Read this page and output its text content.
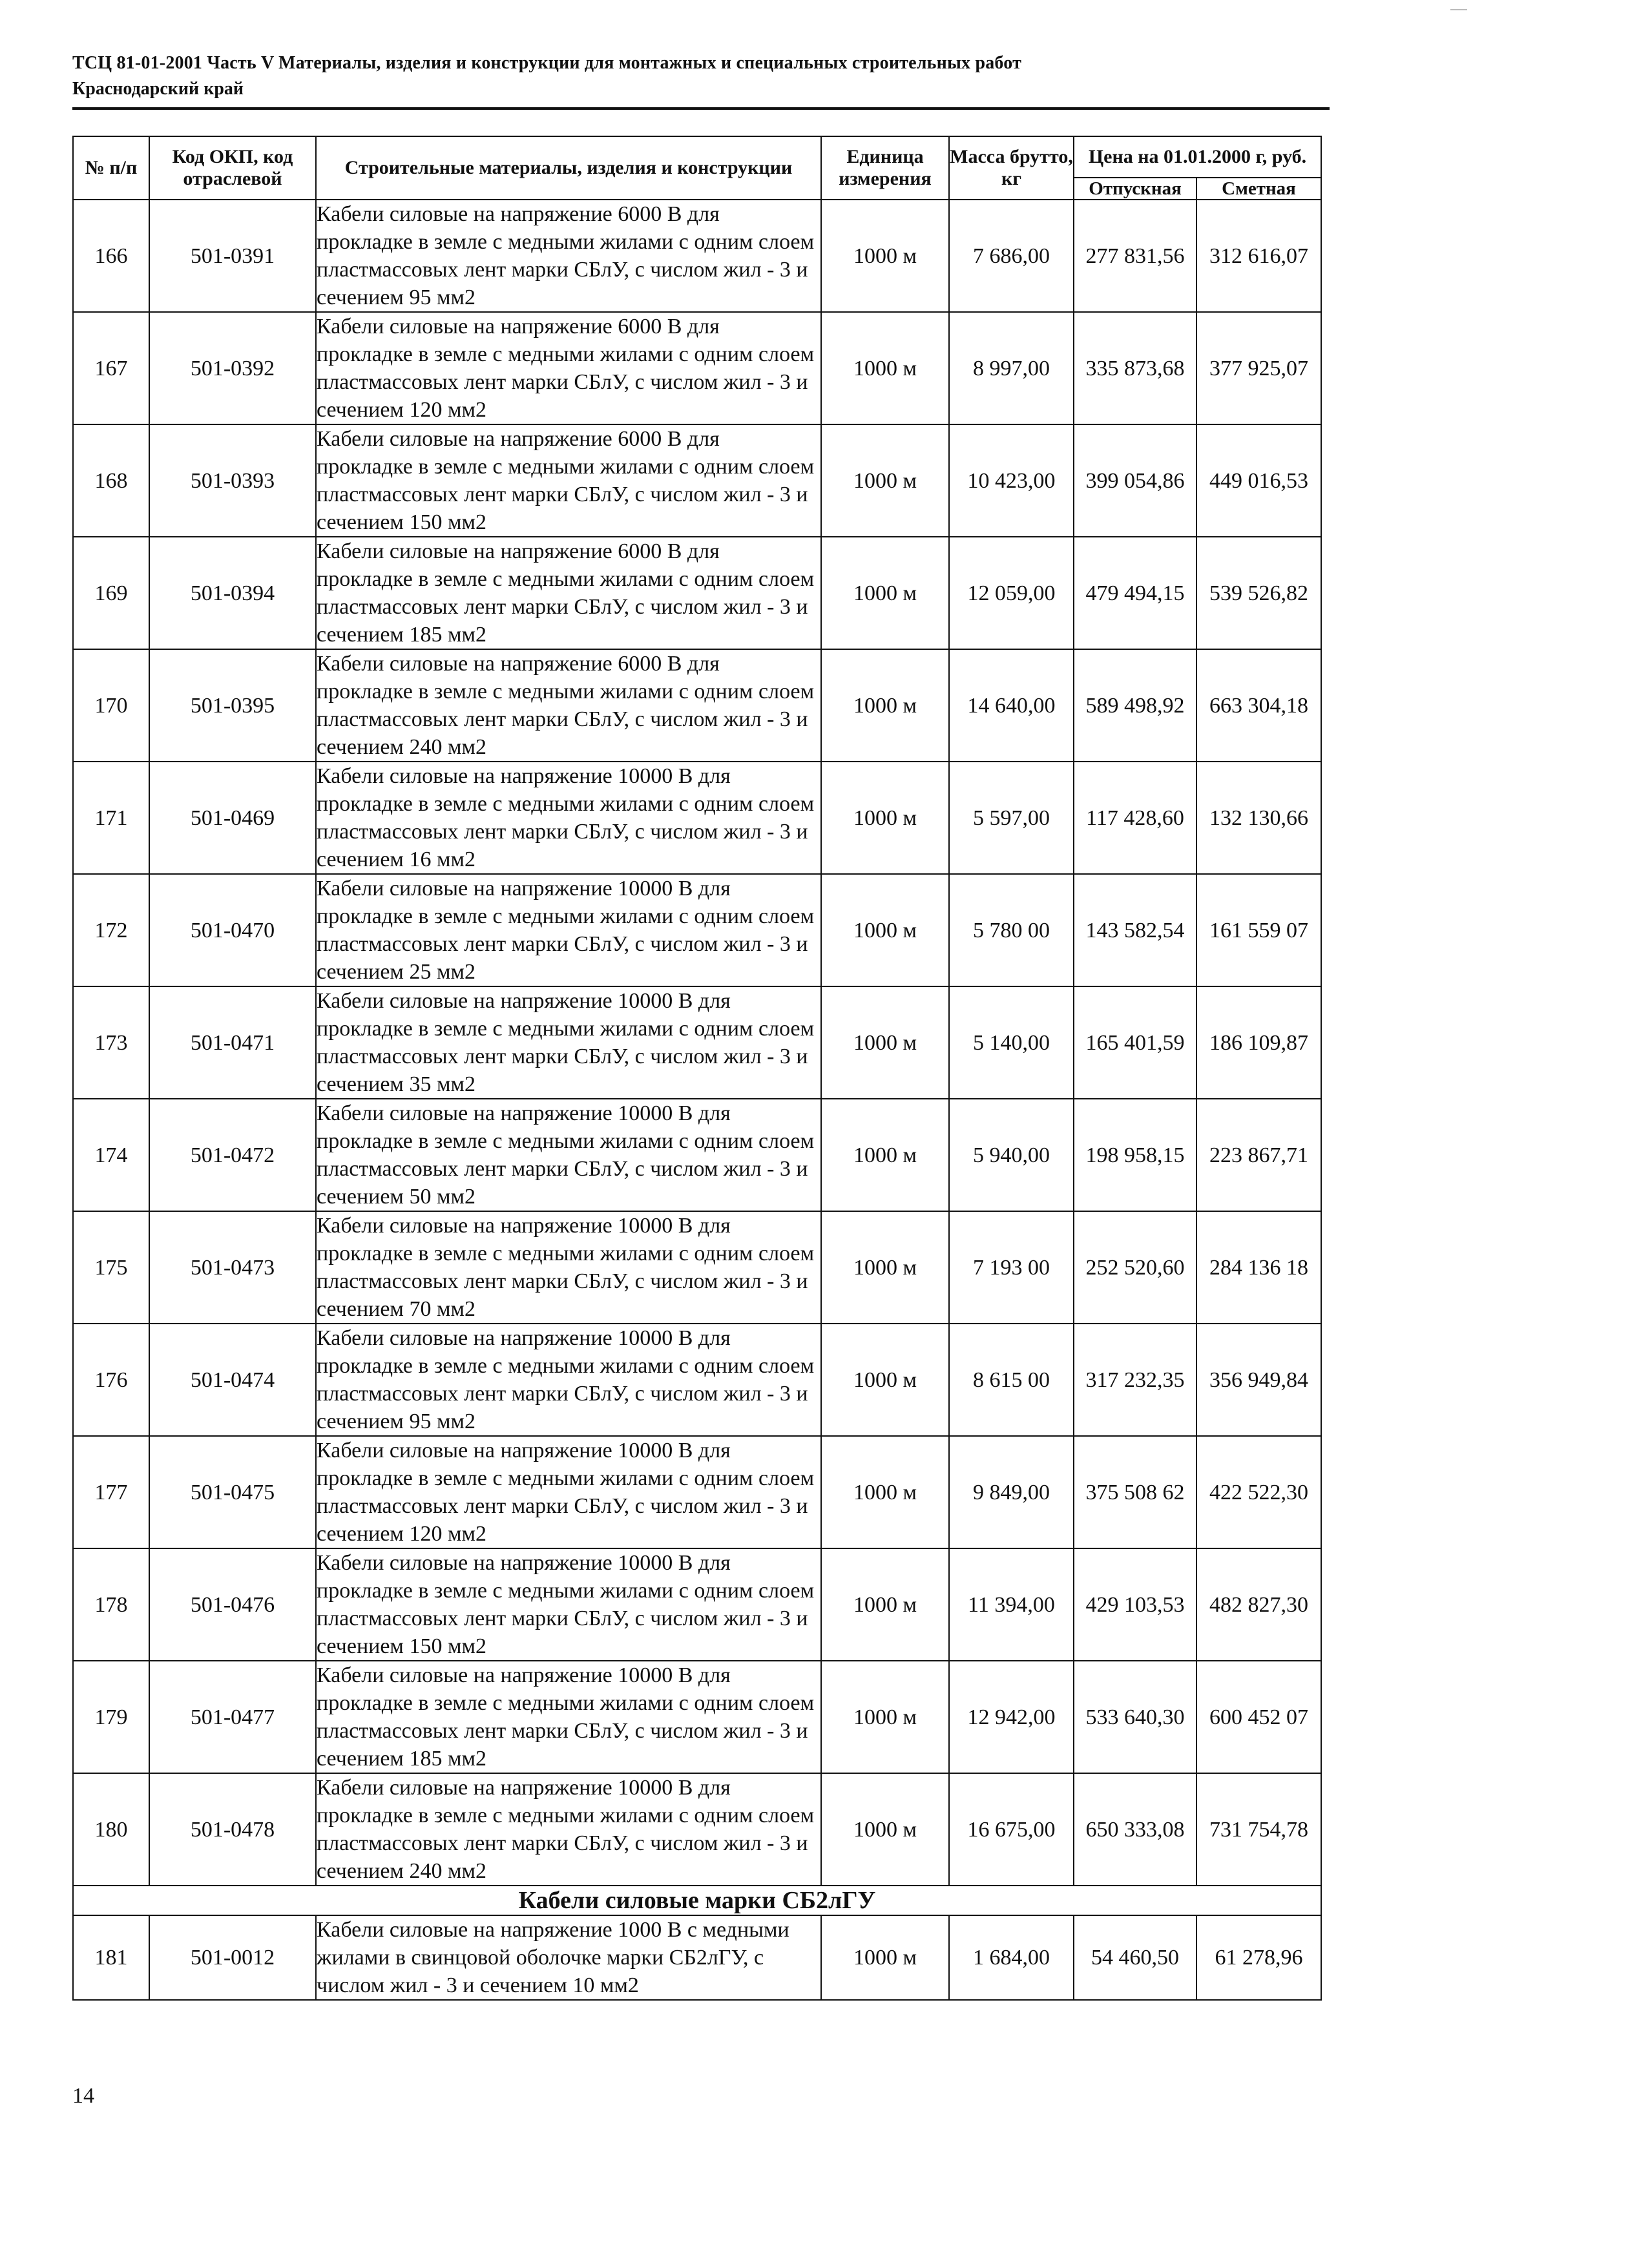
ТСЦ 81-01-2001 Часть V Материалы, изделия и конструкции для монтажных и специальных строительных работ
Краснодарский край
№ п/п	Код ОКП, код отраслевой	Строительные материалы, изделия и конструкции	Единица измерения	Масса брутто, кг	Цена на 01.01.2000 г, руб.	
					Отпускная	Сметная
166	501-0391	Кабели силовые на напряжение 6000 В для прокладке в земле с медными жилами с одним слоем пластмассовых лент марки СБлУ, с числом жил - 3 и сечением 95 мм2	1000 м	7 686,00	277 831,56	312 616,07
167	501-0392	Кабели силовые на напряжение 6000 В для прокладке в земле с медными жилами с одним слоем пластмассовых лент марки СБлУ, с числом жил - 3 и сечением 120 мм2	1000 м	8 997,00	335 873,68	377 925,07
168	501-0393	Кабели силовые на напряжение 6000 В для прокладке в земле с медными жилами с одним слоем пластмассовых лент марки СБлУ, с числом жил - 3 и сечением 150 мм2	1000 м	10 423,00	399 054,86	449 016,53
169	501-0394	Кабели силовые на напряжение 6000 В для прокладке в земле с медными жилами с одним слоем пластмассовых лент марки СБлУ, с числом жил - 3 и сечением 185 мм2	1000 м	12 059,00	479 494,15	539 526,82
170	501-0395	Кабели силовые на напряжение 6000 В для прокладке в земле с медными жилами с одним слоем пластмассовых лент марки СБлУ, с числом жил - 3 и сечением 240 мм2	1000 м	14 640,00	589 498,92	663 304,18
171	501-0469	Кабели силовые на напряжение 10000 В для прокладке в земле с медными жилами с одним слоем пластмассовых лент марки СБлУ, с числом жил - 3 и сечением 16 мм2	1000 м	5 597,00	117 428,60	132 130,66
172	501-0470	Кабели силовые на напряжение 10000 В для прокладке в земле с медными жилами с одним слоем пластмассовых лент марки СБлУ, с числом жил - 3 и сечением 25 мм2	1000 м	5 780 00	143 582,54	161 559 07
173	501-0471	Кабели силовые на напряжение 10000 В для прокладке в земле с медными жилами с одним слоем пластмассовых лент марки СБлУ, с числом жил - 3 и сечением 35 мм2	1000 м	5 140,00	165 401,59	186 109,87
174	501-0472	Кабели силовые на напряжение 10000 В для прокладке в земле с медными жилами с одним слоем пластмассовых лент марки СБлУ, с числом жил - 3 и сечением 50 мм2	1000 м	5 940,00	198 958,15	223 867,71
175	501-0473	Кабели силовые на напряжение 10000 В для прокладке в земле с медными жилами с одним слоем пластмассовых лент марки СБлУ, с числом жил - 3 и сечением 70 мм2	1000 м	7 193 00	252 520,60	284 136 18
176	501-0474	Кабели силовые на напряжение 10000 В для прокладке в земле с медными жилами с одним слоем пластмассовых лент марки СБлУ, с числом жил - 3 и сечением 95 мм2	1000 м	8 615 00	317 232,35	356 949,84
177	501-0475	Кабели силовые на напряжение 10000 В для прокладке в земле с медными жилами с одним слоем пластмассовых лент марки СБлУ, с числом жил - 3 и сечением 120 мм2	1000 м	9 849,00	375 508 62	422 522,30
178	501-0476	Кабели силовые на напряжение 10000 В для прокладке в земле с медными жилами с одним слоем пластмассовых лент марки СБлУ, с числом жил - 3 и сечением 150 мм2	1000 м	11 394,00	429 103,53	482 827,30
179	501-0477	Кабели силовые на напряжение 10000 В для прокладке в земле с медными жилами с одним слоем пластмассовых лент марки СБлУ, с числом жил - 3 и сечением 185 мм2	1000 м	12 942,00	533 640,30	600 452 07
180	501-0478	Кабели силовые на напряжение 10000 В для прокладке в земле с медными жилами с одним слоем пластмассовых лент марки СБлУ, с числом жил - 3 и сечением 240 мм2	1000 м	16 675,00	650 333,08	731 754,78
Кабели силовые марки СБ2лГУ						
181	501-0012	Кабели силовые на напряжение 1000 В с медными жилами в свинцовой оболочке марки СБ2лГУ, с числом жил - 3 и сечением 10 мм2	1000 м	1 684,00	54 460,50	61 278,96
14
